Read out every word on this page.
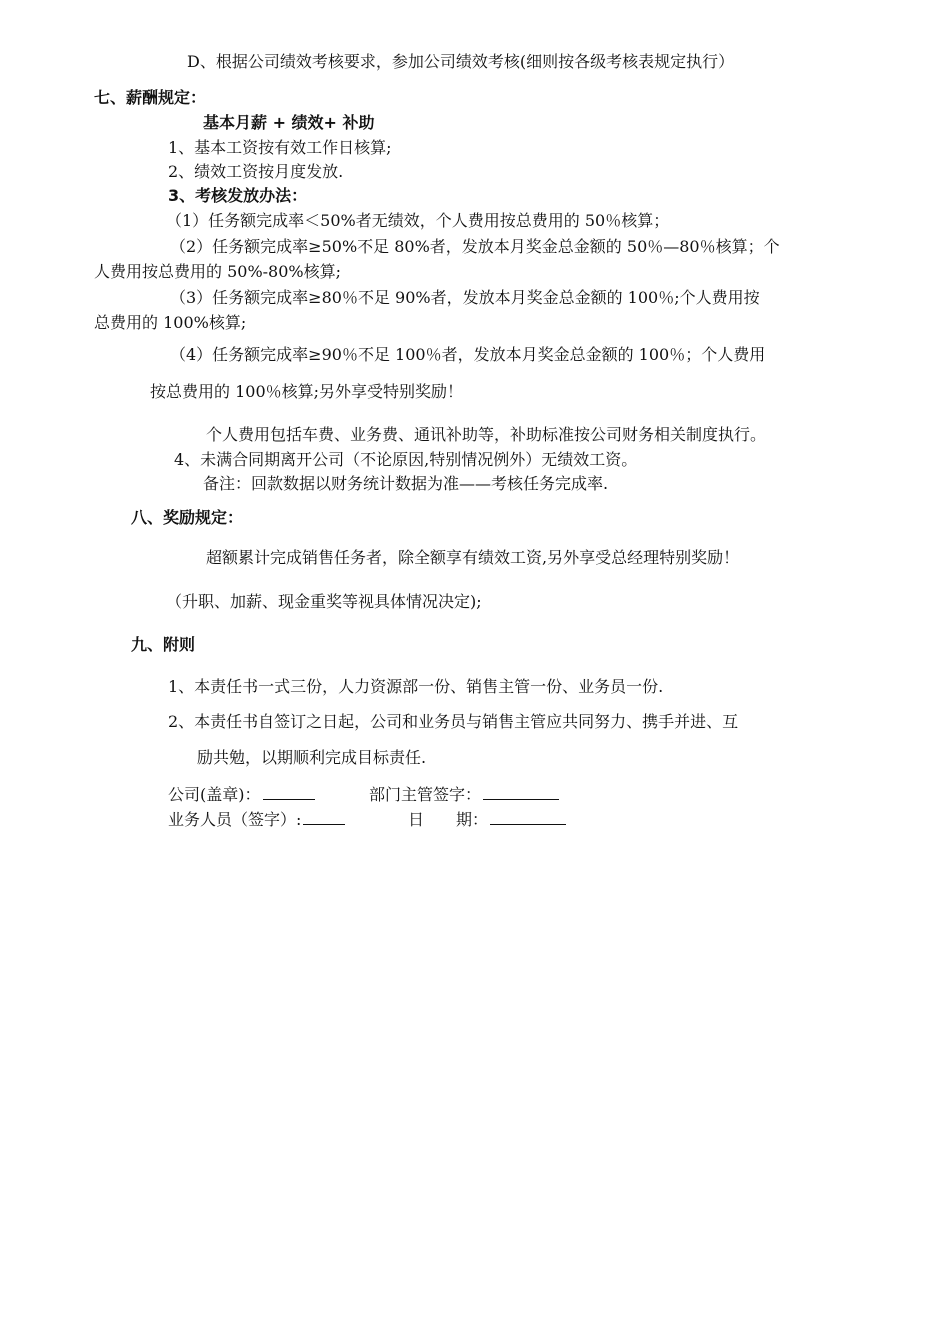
D、根据公司绩效考核要求，参加公司绩效考核(细则按各级考核表规定执行）
七、薪酬规定：
基本月薪 + 绩效+ 补助
1、基本工资按有效工作日核算;
2、绩效工资按月度发放.
3、考核发放办法：
（1）任务额完成率＜50%者无绩效，个人费用按总费用的 50％核算；
（2）任务额完成率≥50%不足 80%者，发放本月奖金总金额的 50％—80％核算；个
人费用按总费用的 50%-80%核算;
（3）任务额完成率≥80％不足 90%者，发放本月奖金总金额的 100％;个人费用按
总费用的 100%核算;
（4）任务额完成率≥90％不足 100％者，发放本月奖金总金额的 100％；个人费用
按总费用的 100％核算;另外享受特别奖励！
个人费用包括车费、业务费、通讯补助等，补助标准按公司财务相关制度执行。
4、未满合同期离开公司（不论原因,特别情况例外）无绩效工资。
备注：回款数据以财务统计数据为准——考核任务完成率.
八、奖励规定：
超额累计完成销售任务者，除全额享有绩效工资,另外享受总经理特别奖励！
（升职、加薪、现金重奖等视具体情况决定);
九、附则
1、本责任书一式三份，人力资源部一份、销售主管一份、业务员一份.
2、本责任书自签订之日起，公司和业务员与销售主管应共同努力、携手并进、互
励共勉，以期顺利完成目标责任.
公司(盖章)：	部门主管签字：
业务人员（签字）:	日　　期：
